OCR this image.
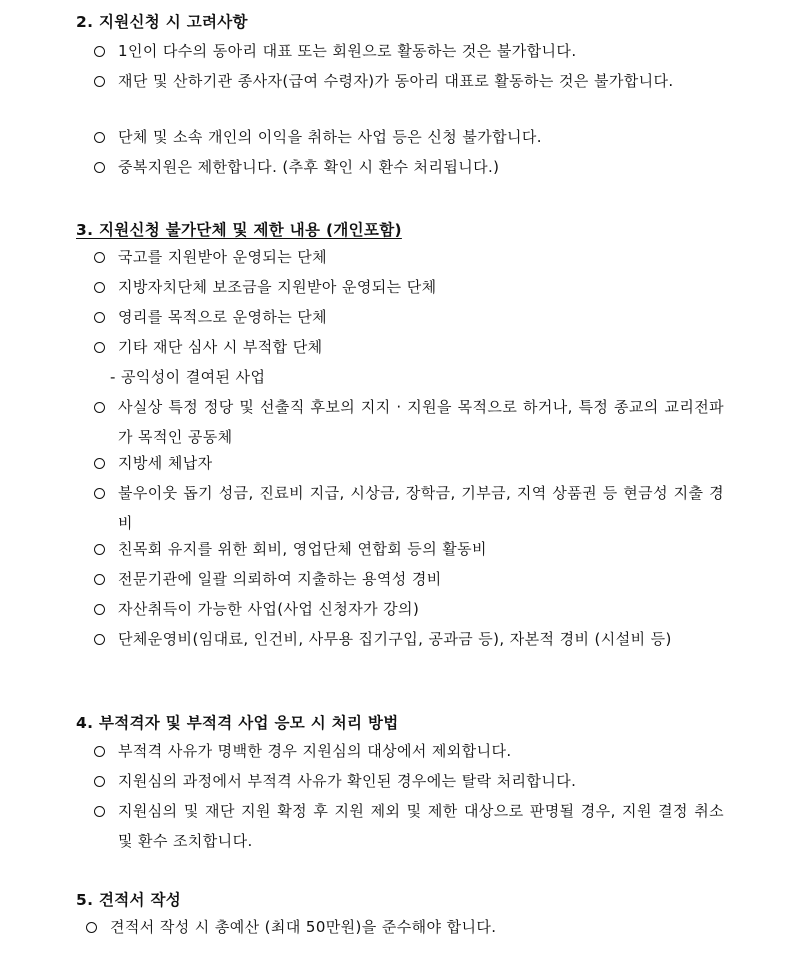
2. 지원신청 시 고려사항
1인이 다수의 동아리 대표 또는 회원으로 활동하는 것은 불가합니다.
재단 및 산하기관 종사자(급여 수령자)가 동아리 대표로 활동하는 것은 불가합니다.
단체 및 소속 개인의 이익을 취하는 사업 등은 신청 불가합니다.
중복지원은 제한합니다. (추후 확인 시 환수 처리됩니다.)
3. 지원신청 불가단체 및 제한 내용 (개인포함)
국고를 지원받아 운영되는 단체
지방자치단체 보조금을 지원받아 운영되는 단체
영리를 목적으로 운영하는 단체
기타 재단 심사 시 부적합 단체
- 공익성이 결여된 사업
사실상 특정 정당 및 선출직 후보의 지지 · 지원을 목적으로 하거나, 특정 종교의 교리전파가 목적인 공동체
지방세 체납자
불우이웃 돕기 성금, 진료비 지급, 시상금, 장학금, 기부금, 지역 상품권 등 현금성 지출 경비
친목회 유지를 위한 회비, 영업단체 연합회 등의 활동비
전문기관에 일괄 의뢰하여 지출하는 용역성 경비
자산취득이 가능한 사업(사업 신청자가 강의)
단체운영비(임대료, 인건비, 사무용 집기구입, 공과금 등), 자본적 경비 (시설비 등)
4. 부적격자 및 부적격 사업 응모 시 처리 방법
부적격 사유가 명백한 경우 지원심의 대상에서 제외합니다.
지원심의 과정에서 부적격 사유가 확인된 경우에는 탈락 처리합니다.
지원심의 및 재단 지원 확정 후 지원 제외 및 제한 대상으로 판명될 경우, 지원 결정 취소 및 환수 조치합니다.
5. 견적서 작성
견적서 작성 시 총예산 (최대 50만원)을 준수해야 합니다.
